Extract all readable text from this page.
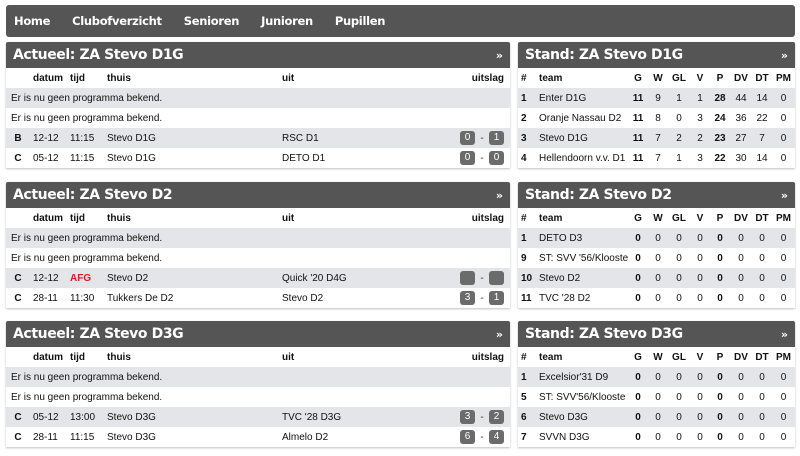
Home Clubofverzicht Senioren Junioren Pupillen
Actueel: ZA Stevo D1G	»
	datum	tijd	thuis	uit	uitslag
Er is nu geen programma bekend.					
Er is nu geen programma bekend.					
B	12-12	11:15	Stevo D1G	RSC D1	0 - 1
C	05-12	11:15	Stevo D1G	DETO D1	0 - 0
Actueel: ZA Stevo D2	»
	datum	tijd	thuis	uit	uitslag
Er is nu geen programma bekend.					
Er is nu geen programma bekend.					
C	12-12	AFG	Stevo D2	Quick '20 D4G	- - -
C	28-11	11:30	Tukkers De D2	Stevo D2	3 - 1
Actueel: ZA Stevo D3G	»
	datum	tijd	thuis	uit	uitslag
Er is nu geen programma bekend.					
Er is nu geen programma bekend.					
C	05-12	13:00	Stevo D3G	TVC '28 D3G	3 - 2
C	28-11	11:15	Stevo D3G	Almelo D2	6 - 4
Stand: ZA Stevo D1G	»
#	team	G	W	GL	V	P	DV	DT	PM
1	Enter D1G	11	9	1	1	28	44	14	0
2	Oranje Nassau D2	11	8	0	3	24	36	22	0
3	Stevo D1G	11	7	2	2	23	27	7	0
4	Hellendoorn v.v. D1	11	7	1	3	22	30	14	0
Stand: ZA Stevo D2	»
#	team	G	W	GL	V	P	DV	DT	PM
1	DETO D3	0	0	0	0	0	0	0	0
9	ST: SVV '56/Klooste	0	0	0	0	0	0	0	0
10	Stevo D2	0	0	0	0	0	0	0	0
11	TVC '28 D2	0	0	0	0	0	0	0	0
Stand: ZA Stevo D3G	»
#	team	G	W	GL	V	P	DV	DT	PM
1	Excelsior'31 D9	0	0	0	0	0	0	0	0
5	ST: SVV'56/Klooste	0	0	0	0	0	0	0	0
6	Stevo D3G	0	0	0	0	0	0	0	0
7	SVVN D3G	0	0	0	0	0	0	0	0
